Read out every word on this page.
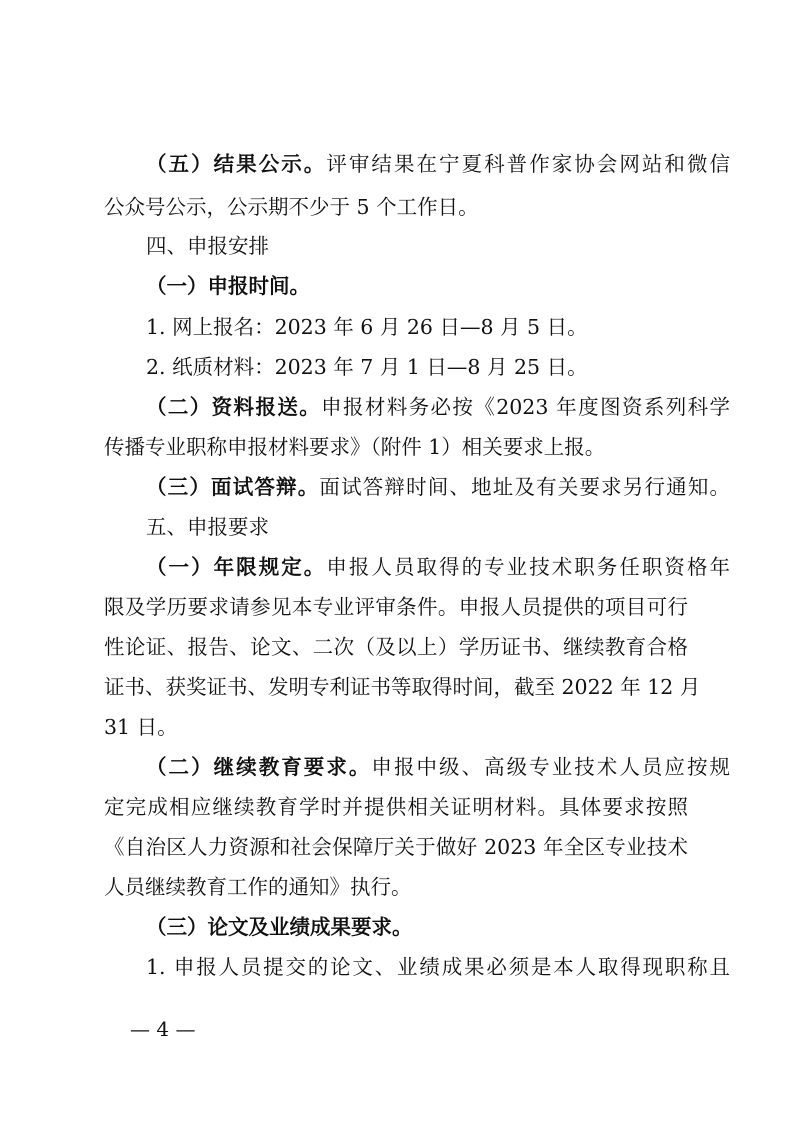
（五）结果公示。评审结果在宁夏科普作家协会网站和微信
公众号公示，公示期不少于 5 个工作日。
四、申报安排
（一）申报时间。
1. 网上报名：2023 年 6 月 26 日—8 月 5 日。
2. 纸质材料：2023 年 7 月 1 日—8 月 25 日。
（二）资料报送。申报材料务必按《2023 年度图资系列科学
传播专业职称申报材料要求》（附件 1）相关要求上报。
（三）面试答辩。面试答辩时间、地址及有关要求另行通知。
五、申报要求
（一）年限规定。申报人员取得的专业技术职务任职资格年
限及学历要求请参见本专业评审条件。申报人员提供的项目可行
性论证、报告、论文、二次（及以上）学历证书、继续教育合格
证书、获奖证书、发明专利证书等取得时间，截至 2022 年 12 月
31 日。
（二）继续教育要求。申报中级、高级专业技术人员应按规
定完成相应继续教育学时并提供相关证明材料。具体要求按照
《自治区人力资源和社会保障厅关于做好 2023 年全区专业技术
人员继续教育工作的通知》执行。
（三）论文及业绩成果要求。
1. 申报人员提交的论文、业绩成果必须是本人取得现职称且
— 4 —
